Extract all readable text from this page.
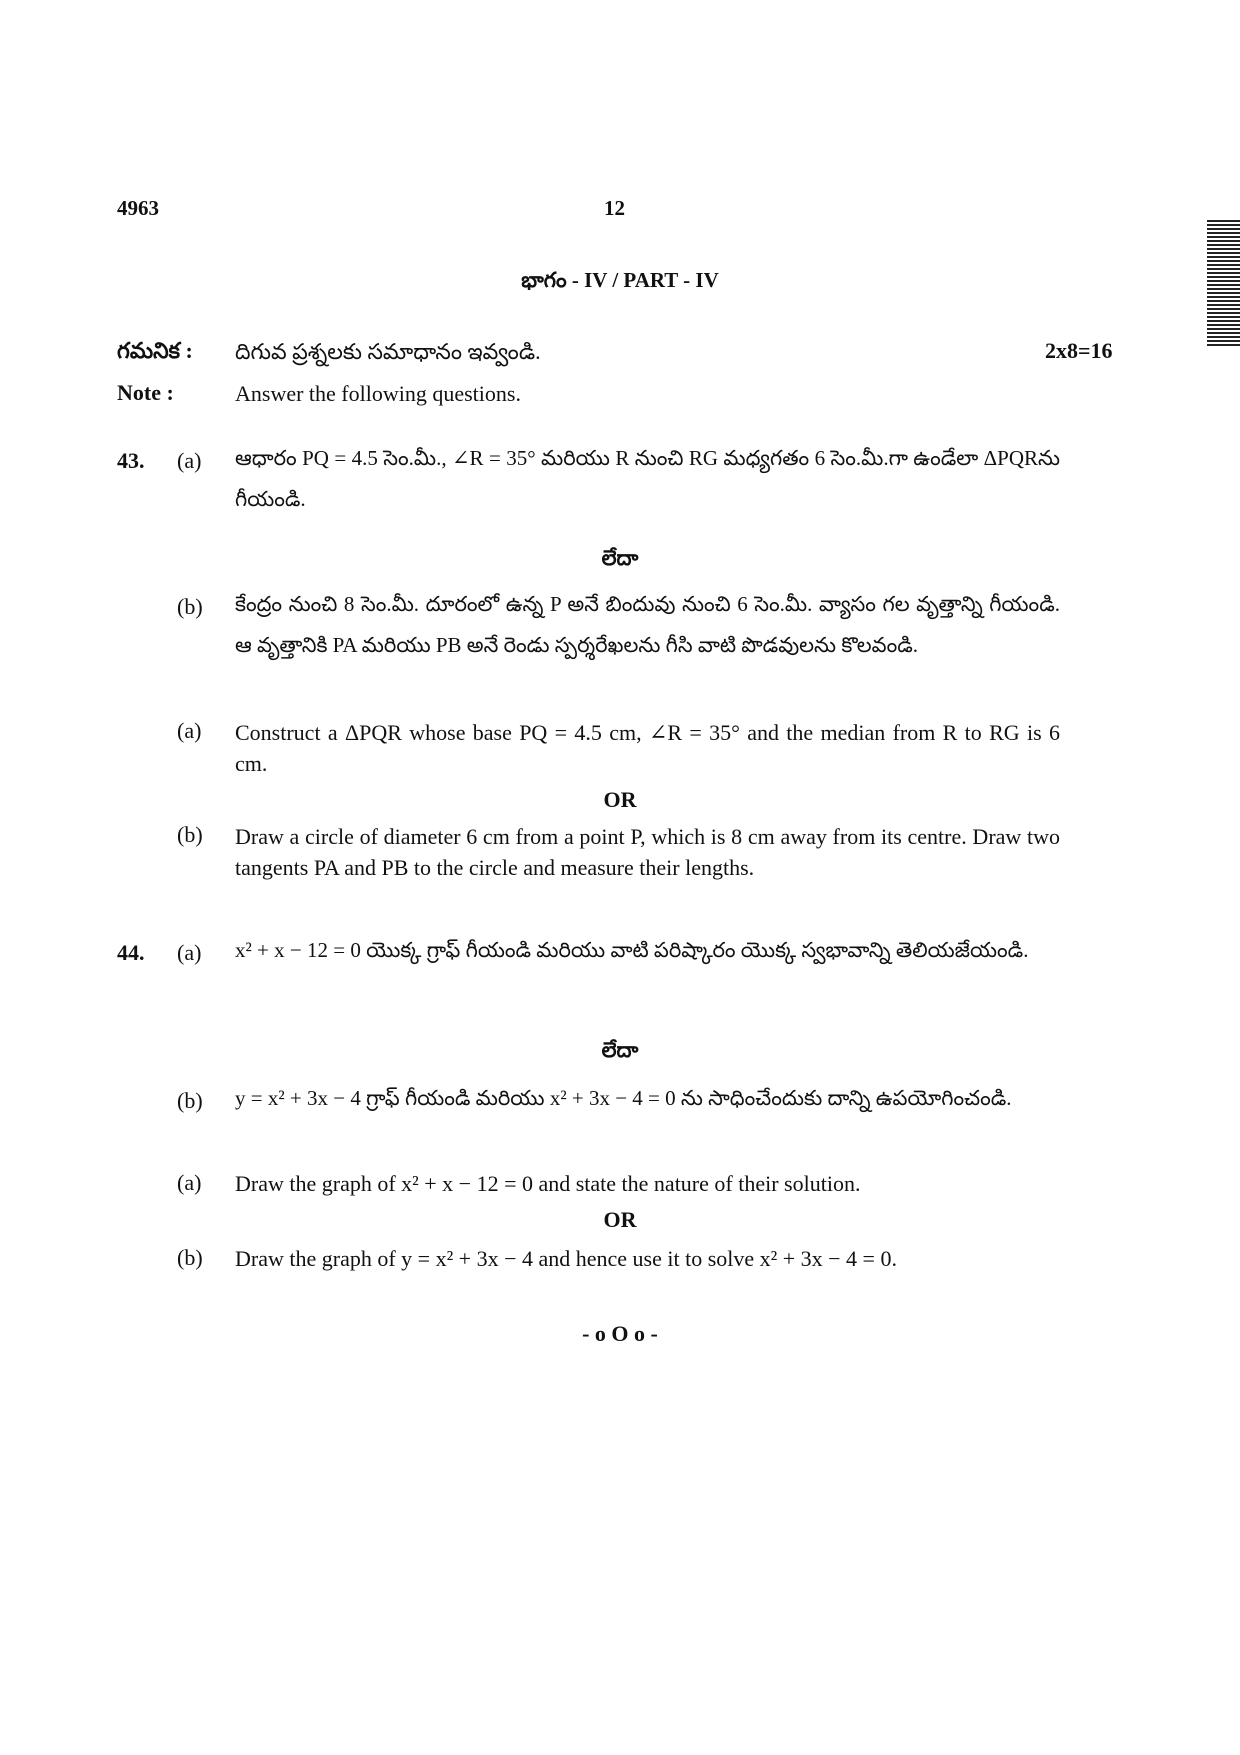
4963	12
భాగం - IV / PART - IV
గమనిక : దిగువ ప్రశ్నలకు సమాధానం ఇవ్వండి.	2x8=16
Note :	Answer the following questions.
43. (a) ఆధారం PQ = 4.5 సెం.మీ., ∠R = 35° మరియు R నుంచి RG మధ్యగతం 6 సెం.మీ.గా ఉండేలా ΔPQRను గీయండి.
లేదా
(b) కేంద్రం నుంచి 8 సెం.మీ. దూరంలో ఉన్న P అనే బిందువు నుంచి 6 సెం.మీ. వ్యాసం గల వృత్తాన్ని గీయండి. ఆ వృత్తానికి PA మరియు PB అనే రెండు స్పర్శరేఖలను గీసి వాటి పొడవులను కొలవండి.
(a) Construct a ΔPQR whose base PQ = 4.5 cm, ∠R = 35° and the median from R to RG is 6 cm.
OR
(b) Draw a circle of diameter 6 cm from a point P, which is 8 cm away from its centre. Draw two tangents PA and PB to the circle and measure their lengths.
44. (a) x² + x − 12 = 0 యొక్క గ్రాఫ్ గీయండి మరియు వాటి పరిష్కారం యొక్క స్వభావాన్ని తెలియజేయండి.
లేదా
(b) y = x² + 3x − 4 గ్రాఫ్ గీయండి మరియు x² + 3x − 4 = 0 ను సాధించేందుకు దాన్ని ఉపయోగించండి.
(a) Draw the graph of x² + x − 12 = 0 and state the nature of their solution.
OR
(b) Draw the graph of y = x² + 3x − 4 and hence use it to solve x² + 3x − 4 = 0.
- o O o -
